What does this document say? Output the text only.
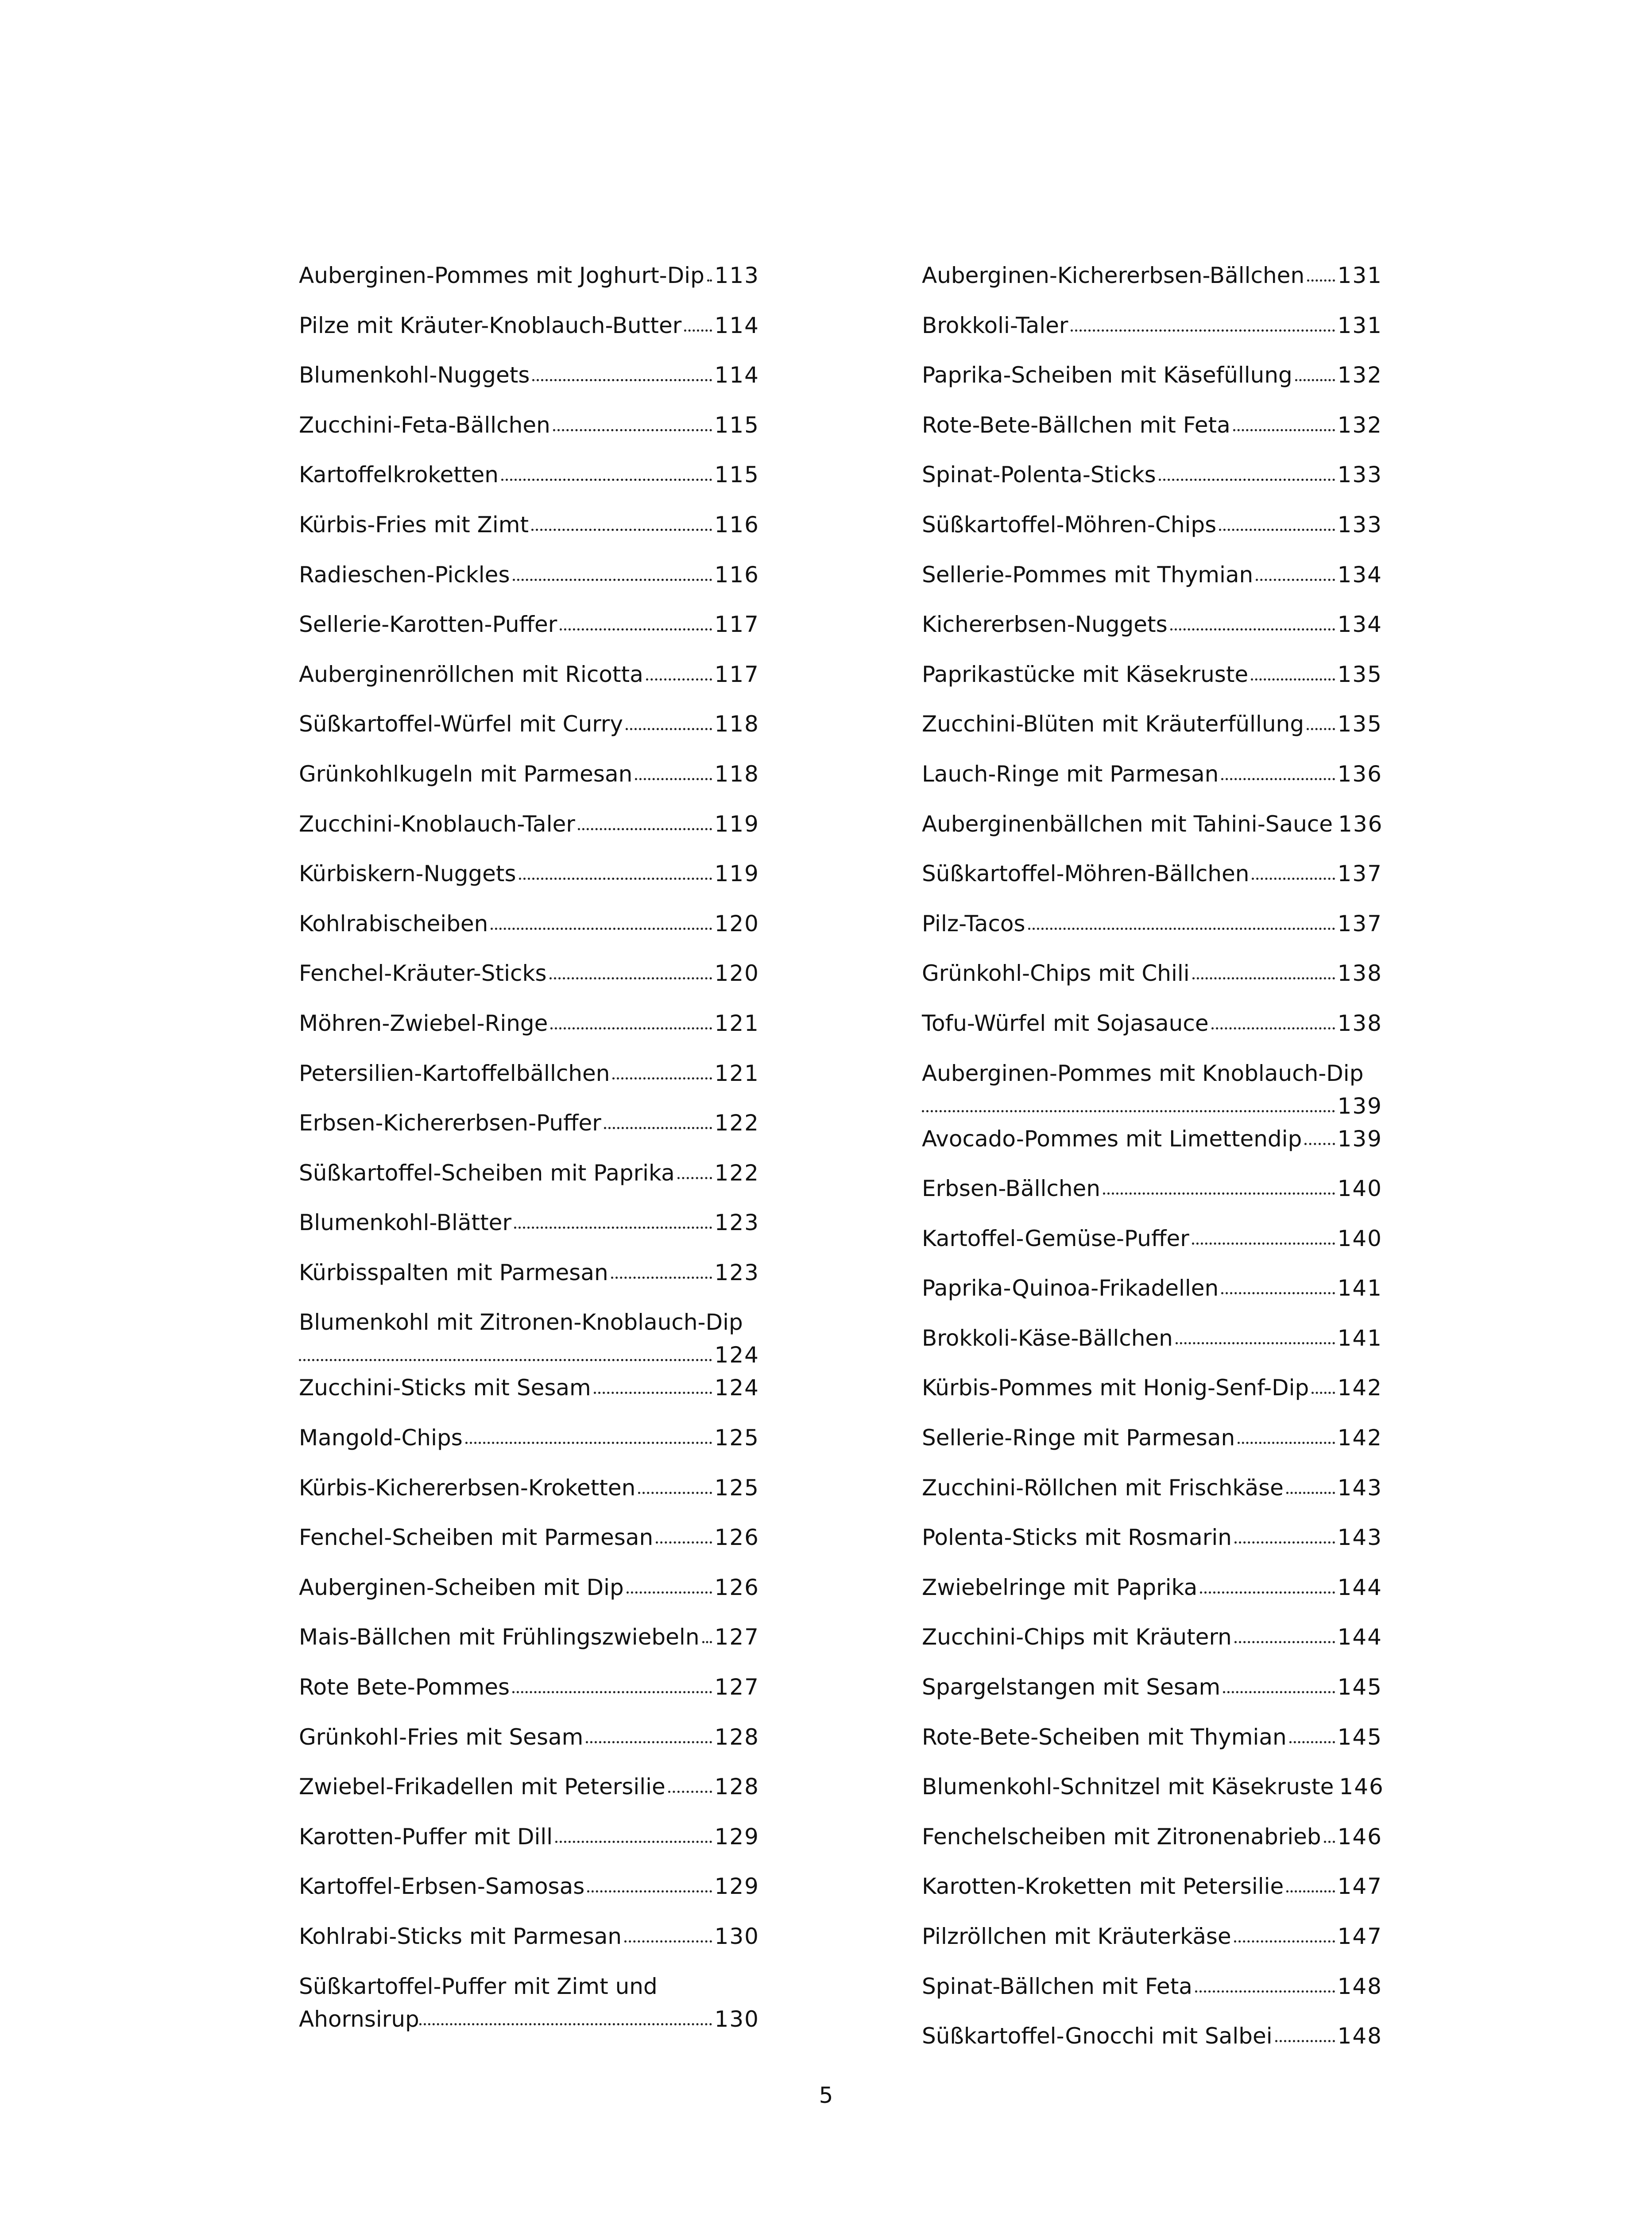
Auberginen-Pommes mit Joghurt-Dip 113
Pilze mit Kräuter-Knoblauch-Butter 114
Blumenkohl-Nuggets	114
Zucchini-Feta-Bällchen	115
Kartoffelkroketten	115
Kürbis-Fries mit Zimt	116
Radieschen-Pickles	116
Sellerie-Karotten-Puffer	117
Auberginenröllchen mit Ricotta	117
Süßkartoffel-Würfel mit Curry	118
Grünkohlkugeln mit Parmesan	118
Zucchini-Knoblauch-Taler	119
Kürbiskern-Nuggets	119
Kohlrabischeiben	120
Fenchel-Kräuter-Sticks	120
Möhren-Zwiebel-Ringe	121
Petersilien-Kartoffelbällchen	121
Erbsen-Kichererbsen-Puffer	122
Süßkartoffel-Scheiben mit Paprika 122
Blumenkohl-Blätter	123
Kürbisspalten mit Parmesan	123
Blumenkohl mit Zitronen-Knoblauch-Dip
124
Zucchini-Sticks mit Sesam	124
Mangold-Chips	125
Kürbis-Kichererbsen-Kroketten	125
Fenchel-Scheiben mit Parmesan	126
Auberginen-Scheiben mit Dip	126
Mais-Bällchen mit Frühlingszwiebeln 127
Rote Bete-Pommes	127
Grünkohl-Fries mit Sesam	128
Zwiebel-Frikadellen mit Petersilie 128
Karotten-Puffer mit Dill	129
Kartoffel-Erbsen-Samosas	129
Kohlrabi-Sticks mit Parmesan	130
Süßkartoffel-Puffer mit Zimt und
Ahornsirup	130
Auberginen-Kichererbsen-Bällchen 131
Brokkoli-Taler	131
Paprika-Scheiben mit Käsefüllung 132
Rote-Bete-Bällchen mit Feta	132
Spinat-Polenta-Sticks	133
Süßkartoffel-Möhren-Chips	133
Sellerie-Pommes mit Thymian	134
Kichererbsen-Nuggets	134
Paprikastücke mit Käsekruste	135
Zucchini-Blüten mit Kräuterfüllung 135
Lauch-Ringe mit Parmesan	136
Auberginenbällchen mit Tahini-Sauce 136
Süßkartoffel-Möhren-Bällchen	137
Pilz-Tacos	137
Grünkohl-Chips mit Chili	138
Tofu-Würfel mit Sojasauce	138
Auberginen-Pommes mit Knoblauch-Dip
139
Avocado-Pommes mit Limettendip 139
Erbsen-Bällchen	140
Kartoffel-Gemüse-Puffer	140
Paprika-Quinoa-Frikadellen	141
Brokkoli-Käse-Bällchen	141
Kürbis-Pommes mit Honig-Senf-Dip 142
Sellerie-Ringe mit Parmesan	142
Zucchini-Röllchen mit Frischkäse 143
Polenta-Sticks mit Rosmarin	143
Zwiebelringe mit Paprika	144
Zucchini-Chips mit Kräutern	144
Spargelstangen mit Sesam	145
Rote-Bete-Scheiben mit Thymian 145
Blumenkohl-Schnitzel mit Käsekruste 146
Fenchelscheiben mit Zitronenabrieb 146
Karotten-Kroketten mit Petersilie 147
Pilzröllchen mit Kräuterkäse	147
Spinat-Bällchen mit Feta	148
Süßkartoffel-Gnocchi mit Salbei	148
5
